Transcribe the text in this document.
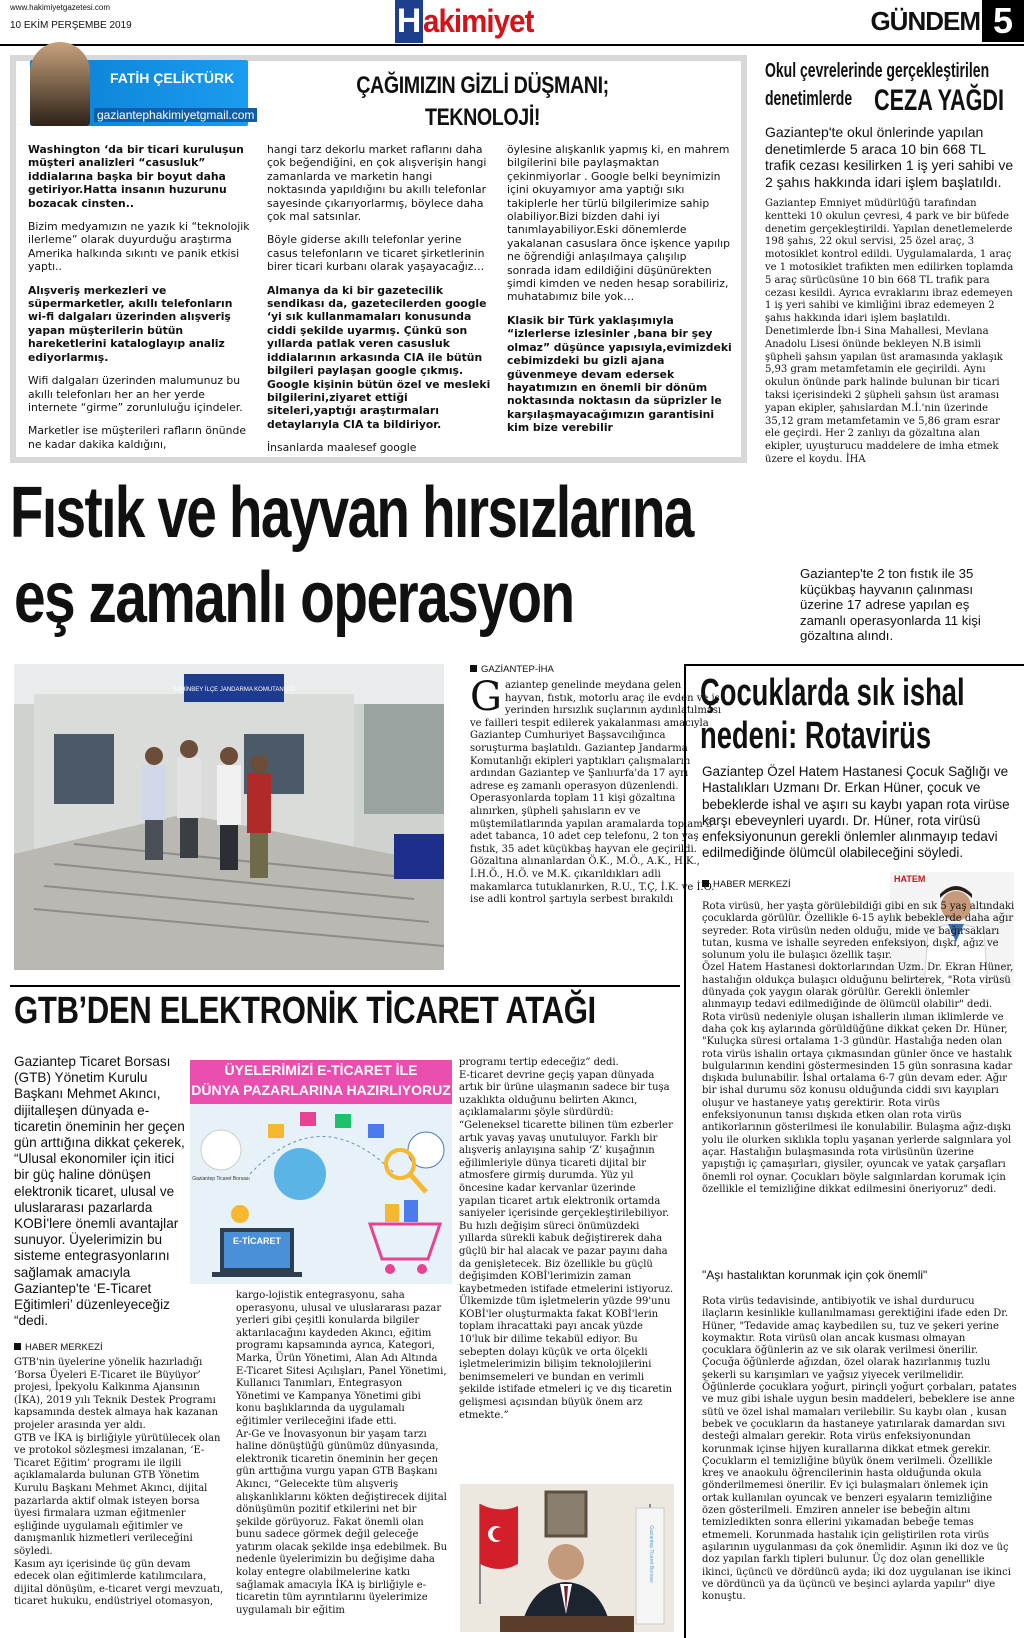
www.hakimiyetgazetesi.com
10 EKİM PERŞEMBE 2019	H akimiyet	GÜNDEM 5
FATİH ÇELİKTÜRK
gaziantephakimiyetgmail.com
ÇAĞIMIZIN GİZLİ DÜŞMANI;
TEKNOLOJİ!

Washington ‘da bir ticari kuruluşun müşteri analizleri “casusluk” iddialarına başka bir boyut daha getiriyor.Hatta insanın huzurunu bozacak cinsten..

Bizim medyamızın ne yazık ki “teknolojik ilerleme” olarak duyurduğu araştırma Amerika halkında sıkıntı ve panik etkisi yaptı..

Alışveriş merkezleri ve süpermarketler, akıllı telefonların wi-fi dalgaları üzerinden alışveriş yapan müşterilerin bütün hareketlerini kataloglayıp analiz ediyorlarmış.

Wifi dalgaları üzerinden malumunuz bu akıllı telefonları her an her yerde internete “girme” zorunluluğu içindeler.

Marketler ise müşterileri rafların önünde ne kadar dakika kaldığını,

hangi tarz dekorlu market raflarını daha çok beğendiğini, en çok alışverişin hangi zamanlarda ve marketin hangi noktasında yapıldığını bu akıllı telefonlar sayesinde çıkarıyorlarmış, böylece daha çok mal satsınlar.

Böyle giderse akıllı telefonlar yerine casus telefonların ve ticaret şirketlerinin birer ticari kurbanı olarak yaşayacağız…

Almanya da ki bir gazetecilik sendikası da, gazetecilerden google ‘yi sık kullanmamaları konusunda ciddi şekilde uyarmış. Çünkü son yıllarda patlak veren casusluk iddialarının arkasında CIA ile bütün bilgileri paylaşan google çıkmış. Google kişinin bütün özel ve mesleki bilgilerini,ziyaret ettiği siteleri,yaptığı araştırmaları detaylarıyla CIA ta bildiriyor.

İnsanlarda maalesef google

öylesine alışkanlık yapmış ki, en mahrem bilgilerini bile paylaşmaktan çekinmiyorlar . Google belki beynimizin içini okuyamıyor ama yaptığı sıkı takiplerle her türlü bilgilerimize sahip olabiliyor.Bizi bizden dahi iyi tanımlayabiliyor.Eski dönemlerde yakalanan casuslara önce işkence yapılıp ne öğrendiği anlaşılmaya çalışılıp sonrada idam edildiğini düşünürekten şimdi kimden ve neden hesap sorabiliriz, muhatabımız bile yok…

Klasik bir Türk yaklaşımıyla “izlerlerse izlesinler ,bana bir şey olmaz” düşünce yapısıyla,evimizdeki cebimizdeki bu gizli ajana güvenmeye devam edersek hayatımızın en önemli bir dönüm noktasında noktasın da süprizler le karşılaşmayacağımızın garantisini kim bize verebilir

Okul çevrelerinde gerçekleştirilen
denetimlerde CEZA YAĞDI
Gaziantep'te okul önlerinde yapılan denetimlerde 5 araca 10 bin 668 TL trafik cezası kesilirken 1 iş yeri sahibi ve 2 şahıs hakkında idari işlem başlatıldı.
Gaziantep Emniyet müdürlüğü tarafından kentteki 10 okulun çevresi, 4 park ve bir büfede denetim gerçekleştirildi. Yapılan denetlemelerde 198 şahıs, 22 okul servisi, 25 özel araç, 3 motosiklet kontrol edildi. Uygulamalarda, 1 araç ve 1 motosiklet trafikten men edilirken toplamda 5 araç sürücüsüne 10 bin 668 TL trafik para cezası kesildi. Ayrıca evraklarını ibraz edemeyen 1 iş yeri sahibi ve kimliğini ibraz edemeyen 2 şahıs hakkında idari işlem başlatıldı.
Denetimlerde İbn-i Sina Mahallesi, Mevlana Anadolu Lisesi önünde bekleyen N.B isimli şüpheli şahsın yapılan üst aramasında yaklaşık 5,93 gram metamfetamin ele geçirildi. Aynı okulun önünde park halinde bulunan bir ticari taksi içerisindeki 2 şüpheli şahsın üst araması yapan ekipler, şahıslardan M.İ.'nin üzerinde 35,12 gram metamfetamin ve 5,86 gram esrar ele geçirdi. Her 2 zanlıyı da gözaltına alan ekipler, uyuşturucu maddelere de imha etmek üzere el koydu. İHA
Fıstık ve hayvan hırsızlarına
eş zamanlı operasyon	Gaziantep'te 2 ton fıstık ile 35 küçükbaş hayvanın çalınması üzerine 17 adrese yapılan eş zamanlı operasyonlarda 11 kişi gözaltına alındı.
SAHİNBEY İLÇE JANDARMA KOMUTANLIĞI
GAZİANTEP-İHA
Gaziantep genelinde meydana gelen hayvan, fıstık, motorlu araç ile evden ve iş yerinden hırsızlık suçlarının aydınlatılması ve failleri tespit edilerek yakalanması amacıyla Gaziantep Cumhuriyet Başsavcılığınca soruşturma başlatıldı. Gaziantep Jandarma Komutanlığı ekipleri yaptıkları çalışmaların ardından Gaziantep ve Şanlıurfa'da 17 ayrı adrese eş zamanlı operasyon düzenlendi. Operasyonlarda toplam 11 kişi gözaltına alınırken, şüpheli şahısların ev ve müştemilatlarında yapılan aramalarda toplam 3 adet tabanca, 10 adet cep telefonu, 2 ton yaş fıstık, 35 adet küçükbaş hayvan ele geçirildi.
Gözaltına alınanlardan Ö.K., M.Ö., A.K., H.K., İ.H.Ö., H.Ö. ve M.K. çıkarıldıkları adli makamlarca tutuklanırken, R.U., T.Ç, İ.K. ve İ.Ö. ise adli kontrol şartıyla serbest bırakıldı
Çocuklarda sık ishal
nedeni: Rotavirüs
Gaziantep Özel Hatem Hastanesi Çocuk Sağlığı ve Hastalıkları Uzmanı Dr. Erkan Hüner, çocuk ve bebeklerde ishal ve aşırı su kaybı yapan rota virüse karşı ebeveynleri uyardı. Dr. Hüner, rota virüsü enfeksiyonunun gerekli önlemler alınmayıp tedavi edilmediğinde ölümcül olabileceğini söyledi.
HABER MERKEZİ	HATEM
Rota virüsü, her yaşta görülebildiği gibi en sık 5 yaş altındaki çocuklarda görülür. Özellikle 6-15 aylık bebeklerde daha ağır seyreder. Rota virüsün neden olduğu, mide ve bağırsakları tutan, kusma ve ishalle seyreden enfeksiyon, dışkı, ağız ve solunum yolu ile bulaşıcı özellik taşır.
Özel Hatem Hastanesi doktorlarından Uzm. Dr. Ekran Hüner, hastalığın oldukça bulaşıcı olduğunu belirterek, "Rota virüsü dünyada çok yaygın olarak görülür. Gerekli önlemler alınmayıp tedavi edilmediğinde de ölümcül olabilir" dedi.
Rota virüsü nedeniyle oluşan ishallerin ılıman iklimlerde ve daha çok kış aylarında görüldüğüne dikkat çeken Dr. Hüner, "Kuluçka süresi ortalama 1-3 gündür. Hastalığa neden olan rota virüs ishalin ortaya çıkmasından günler önce ve hastalık bulgularının kendini göstermesinden 15 gün sonrasına kadar dışkıda bulunabilir. İshal ortalama 6-7 gün devam eder. Ağır bir ishal durumu söz konusu olduğunda ciddi sıvı kayıpları oluşur ve hastaneye yatış gerektirir. Rota virüs enfeksiyonunun tanısı dışkıda etken olan rota virüs antikorlarının gösterilmesi ile konulabilir. Bulaşma ağız-dışkı yolu ile olurken sıklıkla toplu yaşanan yerlerde salgınlara yol açar. Hastalığın bulaşmasında rota virüsünün üzerine yapıştığı iç çamaşırları, giysiler, oyuncak ve yatak çarşafları önemli rol oynar. Çocukları böyle salgınlardan korumak için özellikle el temizliğine dikkat edilmesini öneriyoruz" dedi.
"Aşı hastalıktan korunmak için çok önemli"
Rota virüs tedavisinde, antibiyotik ve ishal durdurucu ilaçların kesinlikle kullanılmaması gerektiğini ifade eden Dr. Hüner, "Tedavide amaç kaybedilen su, tuz ve şekeri yerine koymaktır. Rota virüsü olan ancak kusması olmayan çocuklara öğünlerin az ve sık olarak verilmesi önerilir. Çocuğa öğünlerde ağızdan, özel olarak hazırlanmış tuzlu şekerli su karışımları ve yağsız yiyecek verilmelidir. Öğünlerde çocuklara yoğurt, pirinçli yoğurt çorbaları, patates ve muz gibi ishale uygun besin maddeleri, bebeklere ise anne sütü ve özel ishal mamaları verilebilir. Su kaybı olan , kusan bebek ve çocukların da hastaneye yatırılarak damardan sıvı desteği almaları gerekir. Rota virüs enfeksiyonundan korunmak içinse hijyen kurallarına dikkat etmek gerekir. Çocukların el temizliğine büyük önem verilmeli. Özellikle kreş ve anaokulu öğrencilerinin hasta olduğunda okula gönderilmemesi önerilir. Ev içi bulaşmaları önlemek için ortak kullanılan oyuncak ve benzeri eşyaların temizliğine özen gösterilmeli. Emziren anneler ise bebeğin altını temizledikten sonra ellerini yıkamadan bebeğe temas etmemeli. Korunmada hastalık için geliştirilen rota virüs aşılarının uygulanması da çok önemlidir. Aşının iki doz ve üç doz yapılan farklı tipleri bulunur. Üç doz olan genellikle ikinci, üçüncü ve dördüncü ayda; iki doz uygulanan ise ikinci ve dördüncü ya da üçüncü ve beşinci aylarda yapılır" diye konuştu.
GTB’DEN ELEKTRONİK TİCARET ATAĞI
Gaziantep Ticaret Borsası (GTB) Yönetim Kurulu Başkanı Mehmet Akıncı, dijitalleşen dünyada e-ticaretin öneminin her geçen gün arttığına dikkat çekerek, “Ulusal ekonomiler için itici bir güç haline dönüşen elektronik ticaret, ulusal ve uluslararası pazarlarda KOBİ'lere önemli avantajlar sunuyor. Üyelerimizin bu sisteme entegrasyonlarını sağlamak amacıyla Gaziantep'te ‘E-Ticaret Eğitimleri’ düzenleyeceğiz “dedi.
ÜYELERİMİZİ E-TİCARET İLE
DÜNYA PAZARLARINA HAZIRLIYORUZ
Gaziantep Ticaret Borsası
E-TİCARET
HABER MERKEZİ
GTB'nin üyelerine yönelik hazırladığı ‘Borsa Üyeleri E-Ticaret ile Büyüyor’ projesi, İpekyolu Kalkınma Ajansının (İKA), 2019 yılı Teknik Destek Programı kapsamında destek almaya hak kazanan projeler arasında yer aldı.
GTB ve İKA iş birliğiyle yürütülecek olan ve protokol sözleşmesi imzalanan, ‘E-Ticaret Eğitim’ programı ile ilgili açıklamalarda bulunan GTB Yönetim Kurulu Başkanı Mehmet Akıncı, dijital pazarlarda aktif olmak isteyen borsa üyesi firmalara uzman eğitmenler eşliğinde uygulamalı eğitimler ve danışmanlık hizmetleri verileceğini söyledi.
Kasım ayı içerisinde üç gün devam edecek olan eğitimlerde katılımcılara, dijital dönüşüm, e-ticaret vergi mevzuatı, ticaret hukuku, endüstriyel otomasyon,
kargo-lojistik entegrasyonu, saha operasyonu, ulusal ve uluslararası pazar yerleri gibi çeşitli konularda bilgiler aktarılacağını kaydeden Akıncı, eğitim programı kapsamında ayrıca, Kategori, Marka, Ürün Yönetimi, Alan Adı Altında E-Ticaret Sitesi Açılışları, Panel Yönetimi, Kullanıcı Tanımları, Entegrasyon Yönetimi ve Kampanya Yönetimi gibi konu başlıklarında da uygulamalı eğitimler verileceğini ifade etti.
Ar-Ge ve İnovasyonun bir yaşam tarzı haline dönüştüğü günümüz dünyasında, elektronik ticaretin öneminin her geçen gün arttığına vurgu yapan GTB Başkanı Akıncı, “Gelecekte tüm alışveriş alışkanlıklarını kökten değiştirecek dijital dönüşümün pozitif etkilerini net bir şekilde görüyoruz. Fakat önemli olan bunu sadece görmek değil geleceğe yatırım olacak şekilde inşa edebilmek. Bu nedenle üyelerimizin bu değişime daha kolay entegre olabilmelerine katkı sağlamak amacıyla İKA iş birliğiyle e-ticaretin tüm ayrıntılarını üyelerimize uygulamalı bir eğitim
programı tertip edeceğiz” dedi.
E-ticaret devrine geçiş yapan dünyada artık bir ürüne ulaşmanın sadece bir tuşa uzaklıkta olduğunu belirten Akıncı, açıklamalarını şöyle sürdürdü:
“Geleneksel ticarette bilinen tüm ezberler artık yavaş yavaş unutuluyor. Farklı bir alışveriş anlayışına sahip ‘Z’ kuşağının eğilimleriyle dünya ticareti dijital bir atmosfere girmiş durumda. Yüz yıl öncesine kadar kervanlar üzerinde yapılan ticaret artık elektronik ortamda saniyeler içerisinde gerçekleştirilebiliyor. Bu hızlı değişim süreci önümüzdeki yıllarda sürekli kabuk değiştirerek daha güçlü bir hal alacak ve pazar payını daha da genişletecek. Biz özellikle bu güçlü değişimden KOBİ'lerimizin zaman kaybetmeden istifade etmelerini istiyoruz. Ülkemizde tüm işletmelerin yüzde 99'unu KOBİ'ler oluşturmakta fakat KOBİ'lerin toplam ihracattaki payı ancak yüzde 10'luk bir dilime tekabül ediyor. Bu sebepten dolayı küçük ve orta ölçekli işletmelerimizin bilişim teknolojilerini benimsemeleri ve bundan en verimli şekilde istifade etmeleri iç ve dış ticaretin gelişmesi açısından büyük önem arz etmekte.”
Gaziantep Ticaret Borsası
